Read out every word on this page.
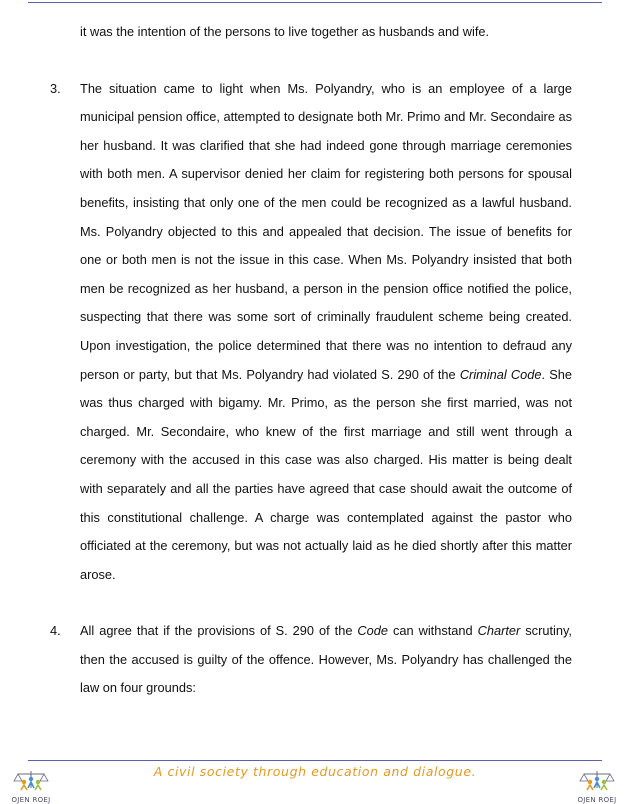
it was the intention of the persons to live together as husbands and wife.

3. The situation came to light when Ms. Polyandry, who is an employee of a large municipal pension office, attempted to designate both Mr. Primo and Mr. Secondaire as her husband. It was clarified that she had indeed gone through marriage ceremonies with both men. A supervisor denied her claim for registering both persons for spousal benefits, insisting that only one of the men could be recognized as a lawful husband. Ms. Polyandry objected to this and appealed that decision. The issue of benefits for one or both men is not the issue in this case. When Ms. Polyandry insisted that both men be recognized as her husband, a person in the pension office notified the police, suspecting that there was some sort of criminally fraudulent scheme being created. Upon investigation, the police determined that there was no intention to defraud any person or party, but that Ms. Polyandry had violated S. 290 of the Criminal Code. She was thus charged with bigamy. Mr. Primo, as the person she first married, was not charged. Mr. Secondaire, who knew of the first marriage and still went through a ceremony with the accused in this case was also charged. His matter is being dealt with separately and all the parties have agreed that case should await the outcome of this constitutional challenge. A charge was contemplated against the pastor who officiated at the ceremony, but was not actually laid as he died shortly after this matter arose.

4. All agree that if the provisions of S. 290 of the Code can withstand Charter scrutiny, then the accused is guilty of the offence. However, Ms. Polyandry has challenged the law on four grounds:

OJEN ROEJ
A civil society through education and dialogue.
OJEN ROEJ
